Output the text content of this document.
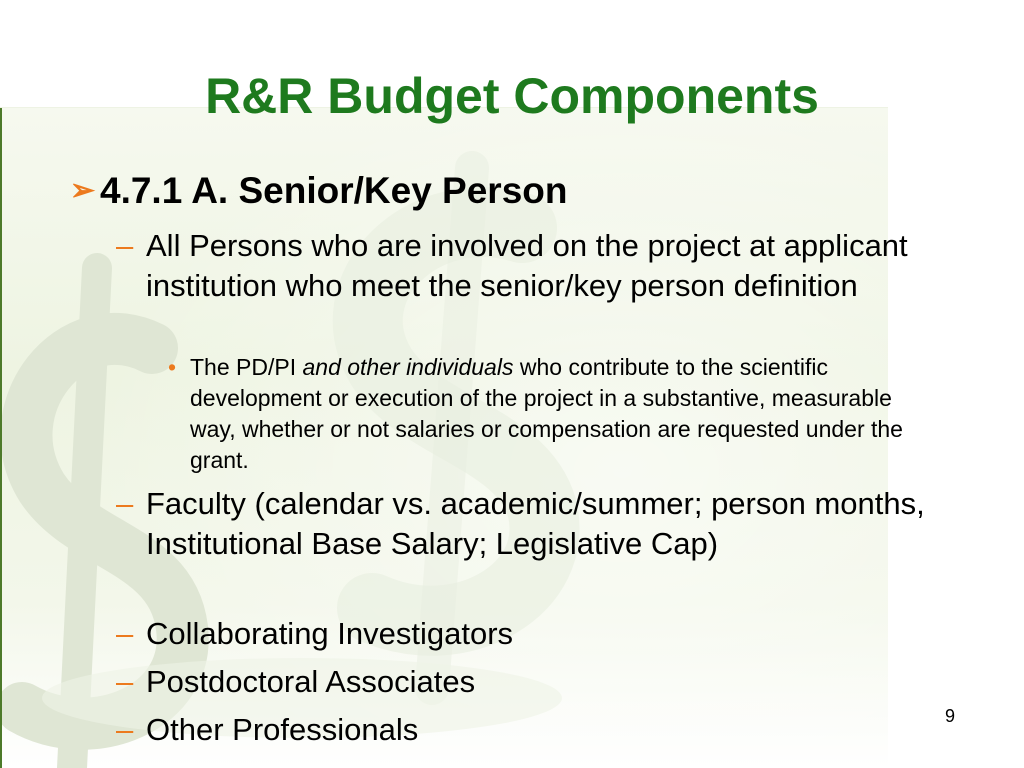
R&R Budget Components
➢ 4.7.1 A. Senior/Key Person
– All Persons who are involved on the project at applicant institution who meet the senior/key person definition
• The PD/PI and other individuals who contribute to the scientific development or execution of the project in a substantive, measurable way, whether or not salaries or compensation are requested under the grant.
– Faculty (calendar vs. academic/summer; person months, Institutional Base Salary; Legislative Cap)
– Collaborating Investigators
– Postdoctoral Associates
– Other Professionals	9
